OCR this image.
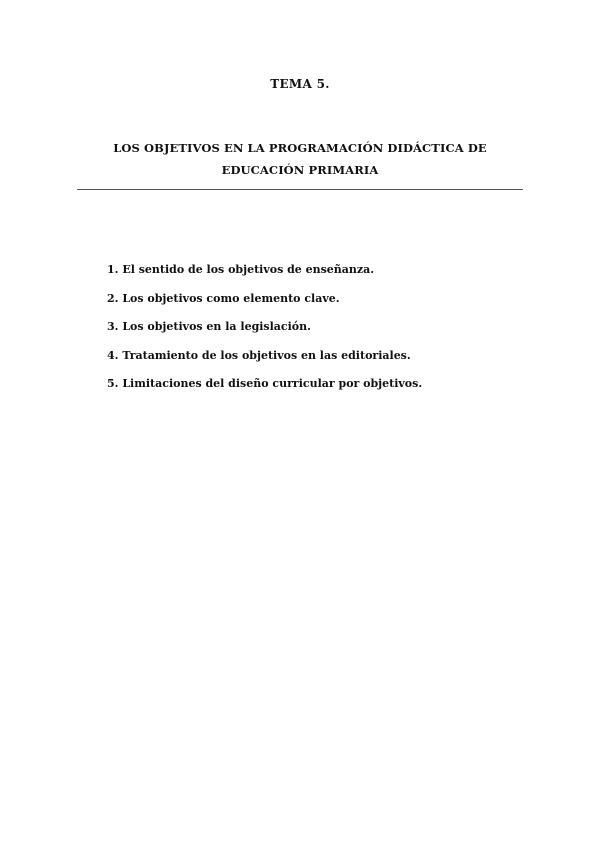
TEMA 5.
LOS OBJETIVOS EN LA PROGRAMACIÓN DIDÁCTICA DE
EDUCACIÓN PRIMARIA
1. El sentido de los objetivos de enseñanza.
2. Los objetivos como elemento clave.
3. Los objetivos en la legislación.
4. Tratamiento de los objetivos en las editoriales.
5. Limitaciones del diseño curricular por objetivos.
